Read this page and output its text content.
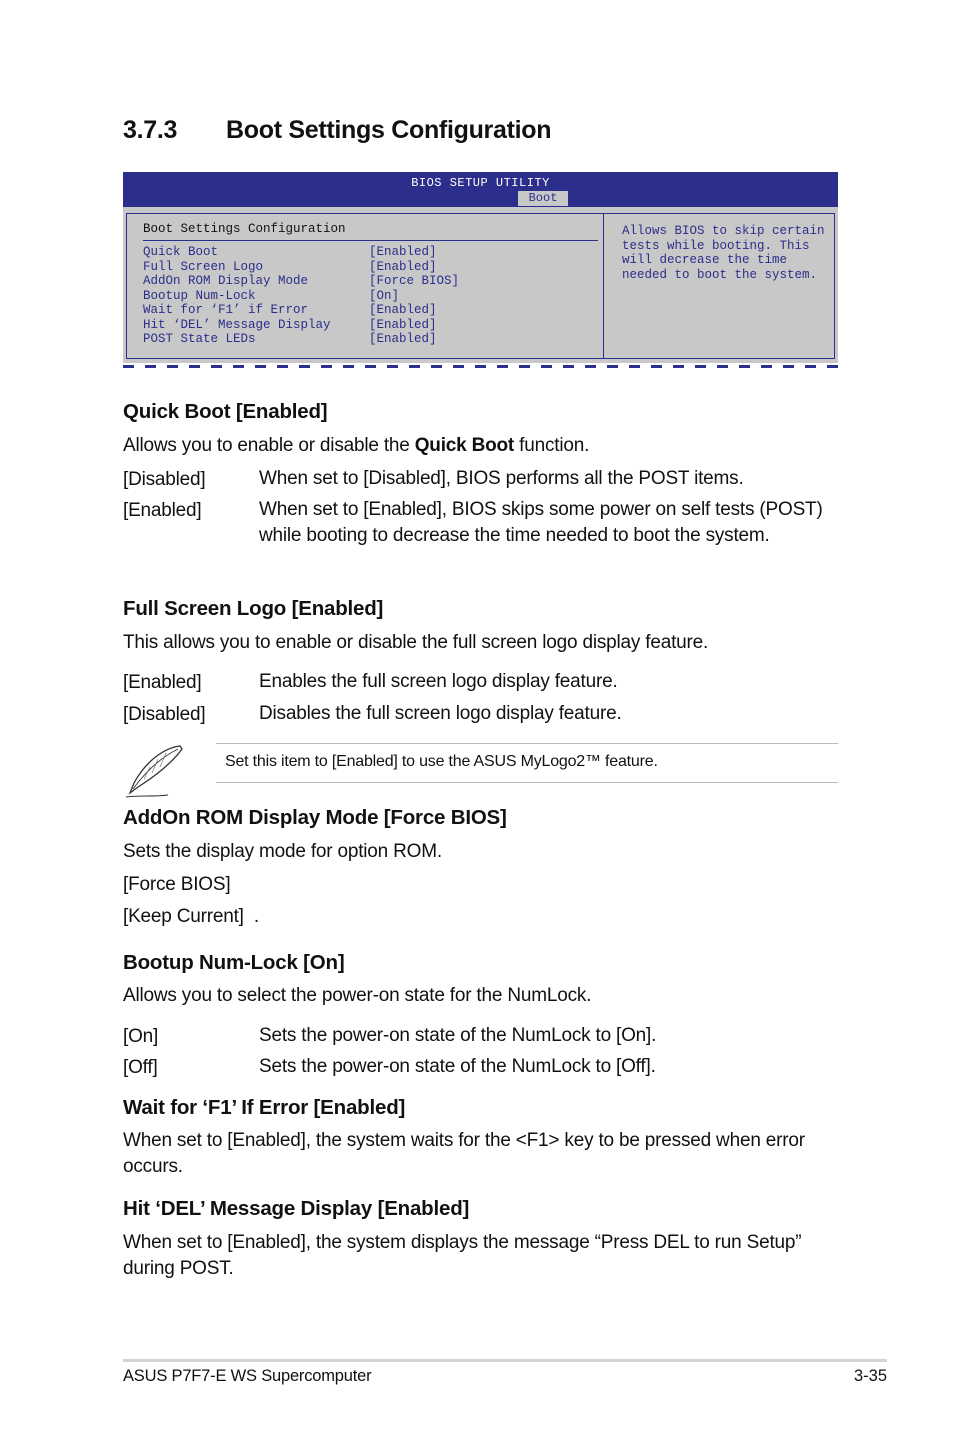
3.7.3 Boot Settings Configuration
BIOS SETUP UTILITY
Boot
Boot Settings Configuration
Quick Boot	[Enabled]
Full Screen Logo	[Enabled]
AddOn ROM Display Mode	[Force BIOS]
Bootup Num-Lock	[On]
Wait for ‘F1’ if Error	[Enabled]
Hit ‘DEL’ Message Display	[Enabled]
POST State LEDs	[Enabled]
Allows BIOS to skip certain tests while booting. This will decrease the time needed to boot the system.
Quick Boot [Enabled]
Allows you to enable or disable the Quick Boot function.
[Disabled]	When set to [Disabled], BIOS performs all the POST items.
[Enabled]	When set to [Enabled], BIOS skips some power on self tests (POST) while booting to decrease the time needed to boot the system.
Full Screen Logo [Enabled]
This allows you to enable or disable the full screen logo display feature.
[Enabled]	Enables the full screen logo display feature.
[Disabled]	Disables the full screen logo display feature.
Set this item to [Enabled] to use the ASUS MyLogo2™ feature.
AddOn ROM Display Mode [Force BIOS]
Sets the display mode for option ROM.
[Force BIOS]
[Keep Current]  .
Bootup Num-Lock [On]
Allows you to select the power-on state for the NumLock.
[On]	Sets the power-on state of the NumLock to [On].
[Off]	Sets the power-on state of the NumLock to [Off].
Wait for ‘F1’ If Error [Enabled]
When set to [Enabled], the system waits for the <F1> key to be pressed when error occurs.
Hit ‘DEL’ Message Display [Enabled]
When set to [Enabled], the system displays the message “Press DEL to run Setup” during POST.
ASUS P7F7-E WS Supercomputer	3-35
